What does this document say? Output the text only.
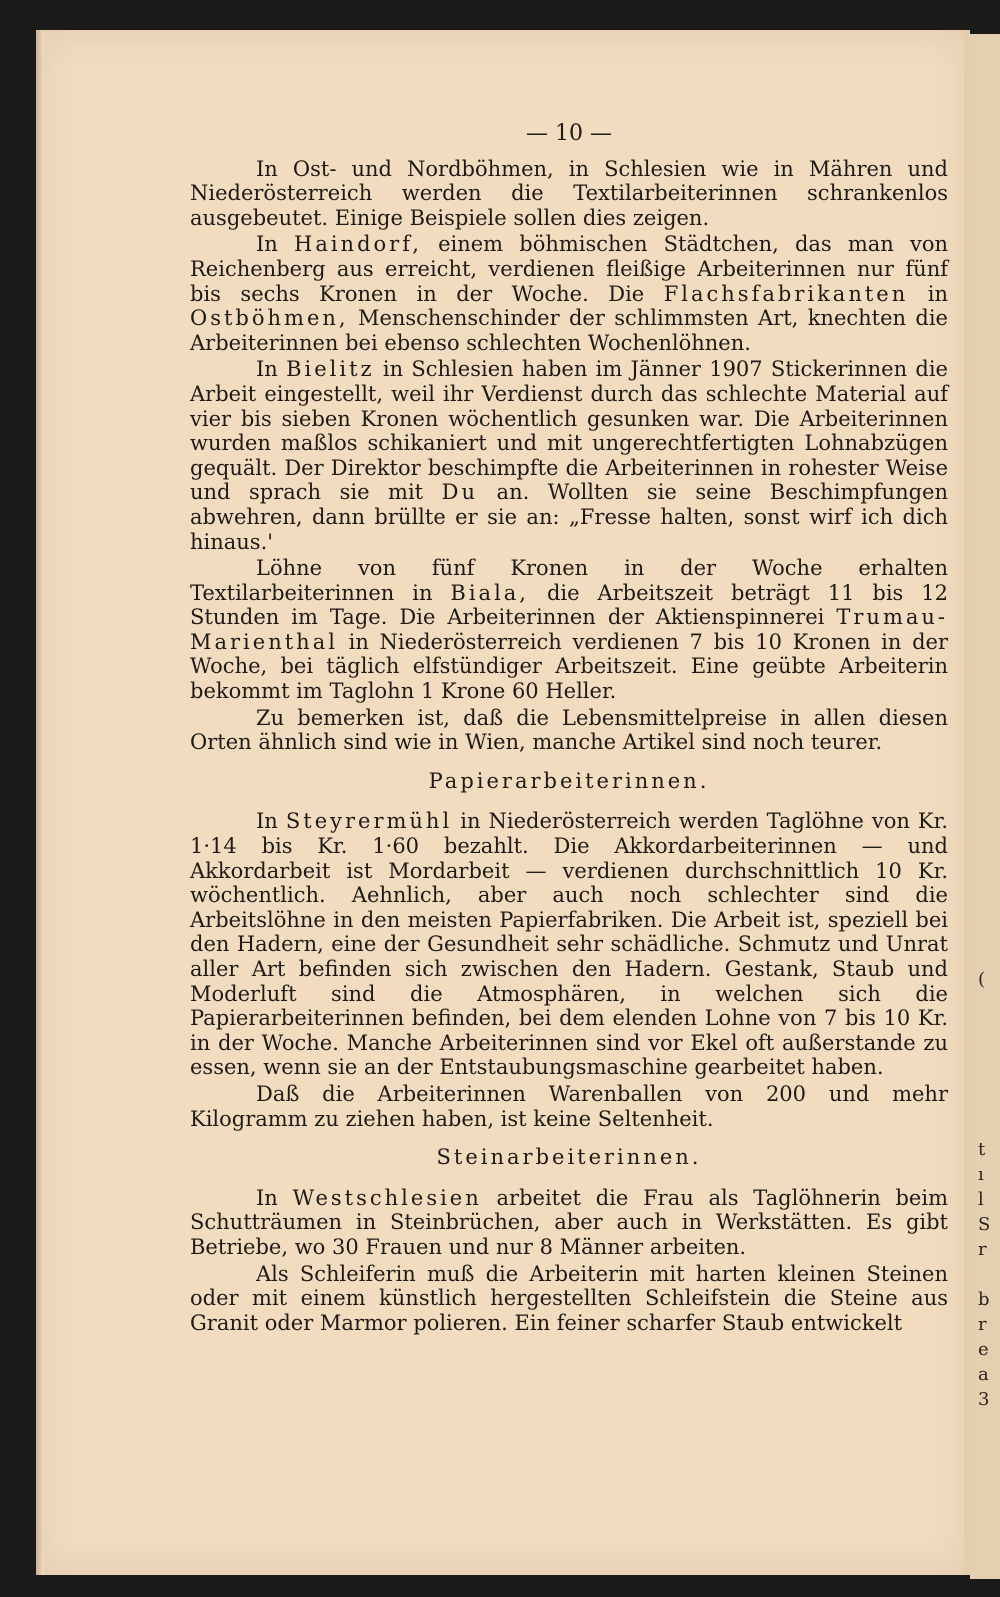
(
t
ı
l
S
r
b
r
e
a
3
— 10 —

In Ost- und Nordböhmen, in Schlesien wie in Mähren und Niederösterreich werden die Textilarbeiterinnen schrankenlos ausgebeutet. Einige Beispiele sollen dies zeigen.

In Haindorf, einem böhmischen Städtchen, das man von Reichenberg aus erreicht, verdienen fleißige Arbeiterinnen nur fünf bis sechs Kronen in der Woche. Die Flachsfabrikanten in Ostböhmen, Menschenschinder der schlimmsten Art, knechten die Arbeiterinnen bei ebenso schlechten Wochenlöhnen.

In Bielitz in Schlesien haben im Jänner 1907 Stickerinnen die Arbeit eingestellt, weil ihr Verdienst durch das schlechte Material auf vier bis sieben Kronen wöchentlich gesunken war. Die Arbeiterinnen wurden maßlos schikaniert und mit ungerechtfertigten Lohnabzügen gequält. Der Direktor beschimpfte die Arbeiterinnen in rohester Weise und sprach sie mit Du an. Wollten sie seine Beschimpfungen abwehren, dann brüllte er sie an: „Fresse halten, sonst wirf ich dich hinaus.'

Löhne von fünf Kronen in der Woche erhalten Textilarbeiterinnen in Biala, die Arbeitszeit beträgt 11 bis 12 Stunden im Tage. Die Arbeiterinnen der Aktienspinnerei Trumau-Marienthal in Niederösterreich verdienen 7 bis 10 Kronen in der Woche, bei täglich elfstündiger Arbeitszeit. Eine geübte Arbeiterin bekommt im Taglohn 1 Krone 60 Heller.

Zu bemerken ist, daß die Lebensmittelpreise in allen diesen Orten ähnlich sind wie in Wien, manche Artikel sind noch teurer.

Papierarbeiterinnen.

In Steyrermühl in Niederösterreich werden Taglöhne von Kr. 1·14 bis Kr. 1·60 bezahlt. Die Akkordarbeiterinnen — und Akkordarbeit ist Mordarbeit — verdienen durchschnittlich 10 Kr. wöchentlich. Aehnlich, aber auch noch schlechter sind die Arbeitslöhne in den meisten Papierfabriken. Die Arbeit ist, speziell bei den Hadern, eine der Gesundheit sehr schädliche. Schmutz und Unrat aller Art befinden sich zwischen den Hadern. Gestank, Staub und Moderluft sind die Atmosphären, in welchen sich die Papierarbeiterinnen befinden, bei dem elenden Lohne von 7 bis 10 Kr. in der Woche. Manche Arbeiterinnen sind vor Ekel oft außerstande zu essen, wenn sie an der Entstaubungsmaschine gearbeitet haben.

Daß die Arbeiterinnen Warenballen von 200 und mehr Kilogramm zu ziehen haben, ist keine Seltenheit.

Steinarbeiterinnen.

In Westschlesien arbeitet die Frau als Taglöhnerin beim Schutträumen in Steinbrüchen, aber auch in Werkstätten. Es gibt Betriebe, wo 30 Frauen und nur 8 Männer arbeiten.

Als Schleiferin muß die Arbeiterin mit harten kleinen Steinen oder mit einem künstlich hergestellten Schleifstein die Steine aus Granit oder Marmor polieren. Ein feiner scharfer Staub entwickelt
